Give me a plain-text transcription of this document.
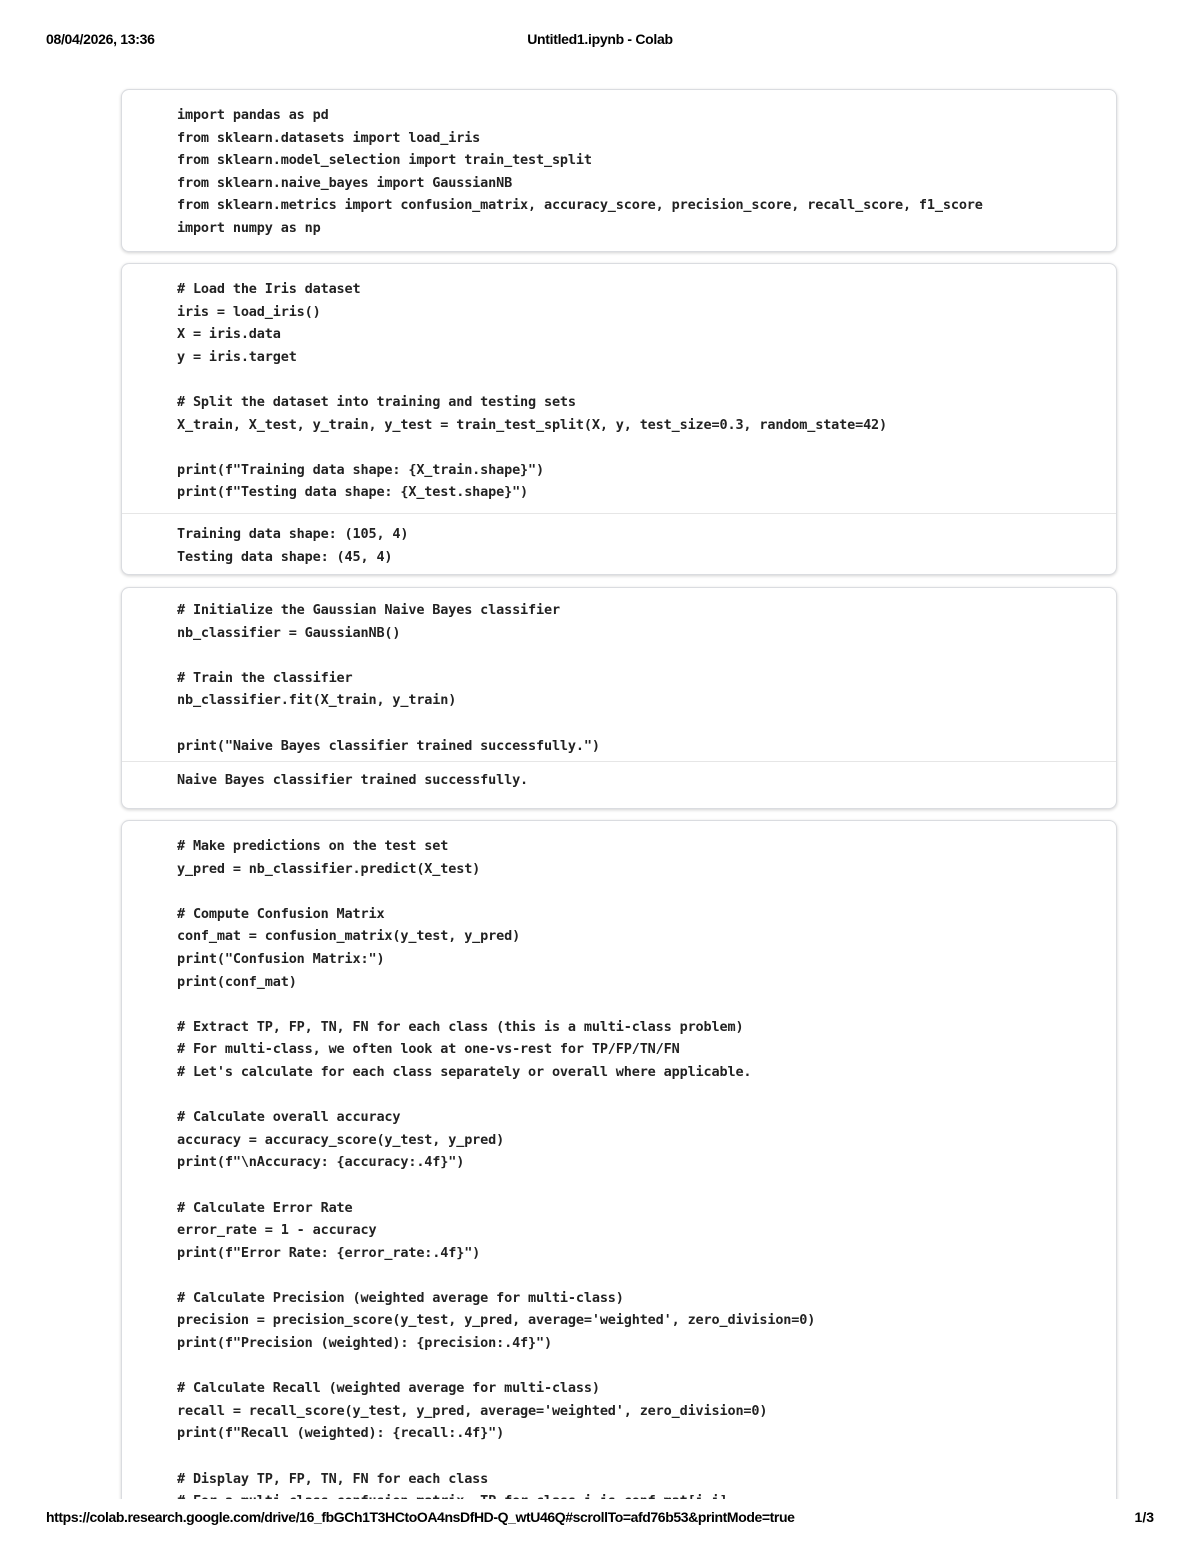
08/04/2026, 13:36	Untitled1.ipynb - Colab
import pandas as pd
from sklearn.datasets import load_iris
from sklearn.model_selection import train_test_split
from sklearn.naive_bayes import GaussianNB
from sklearn.metrics import confusion_matrix, accuracy_score, precision_score, recall_score, f1_score
import numpy as np
# Load the Iris dataset
iris = load_iris()
X = iris.data
y = iris.target

# Split the dataset into training and testing sets
X_train, X_test, y_train, y_test = train_test_split(X, y, test_size=0.3, random_state=42)

print(f"Training data shape: {X_train.shape}")
print(f"Testing data shape: {X_test.shape}")
Training data shape: (105, 4)
Testing data shape: (45, 4)
# Initialize the Gaussian Naive Bayes classifier
nb_classifier = GaussianNB()

# Train the classifier
nb_classifier.fit(X_train, y_train)

print("Naive Bayes classifier trained successfully.")
Naive Bayes classifier trained successfully.
# Make predictions on the test set
y_pred = nb_classifier.predict(X_test)

# Compute Confusion Matrix
conf_mat = confusion_matrix(y_test, y_pred)
print("Confusion Matrix:")
print(conf_mat)

# Extract TP, FP, TN, FN for each class (this is a multi-class problem)
# For multi-class, we often look at one-vs-rest for TP/FP/TN/FN
# Let's calculate for each class separately or overall where applicable.

# Calculate overall accuracy
accuracy = accuracy_score(y_test, y_pred)
print(f"\nAccuracy: {accuracy:.4f}")

# Calculate Error Rate
error_rate = 1 - accuracy
print(f"Error Rate: {error_rate:.4f}")

# Calculate Precision (weighted average for multi-class)
precision = precision_score(y_test, y_pred, average='weighted', zero_division=0)
print(f"Precision (weighted): {precision:.4f}")

# Calculate Recall (weighted average for multi-class)
recall = recall_score(y_test, y_pred, average='weighted', zero_division=0)
print(f"Recall (weighted): {recall:.4f}")

# Display TP, FP, TN, FN for each class

https://colab.research.google.com/drive/16_fbGCh1T3HCtoOA4nsDfHD-Q_wtU46Q#scrollTo=afd76b53&printMode=true	1/3
